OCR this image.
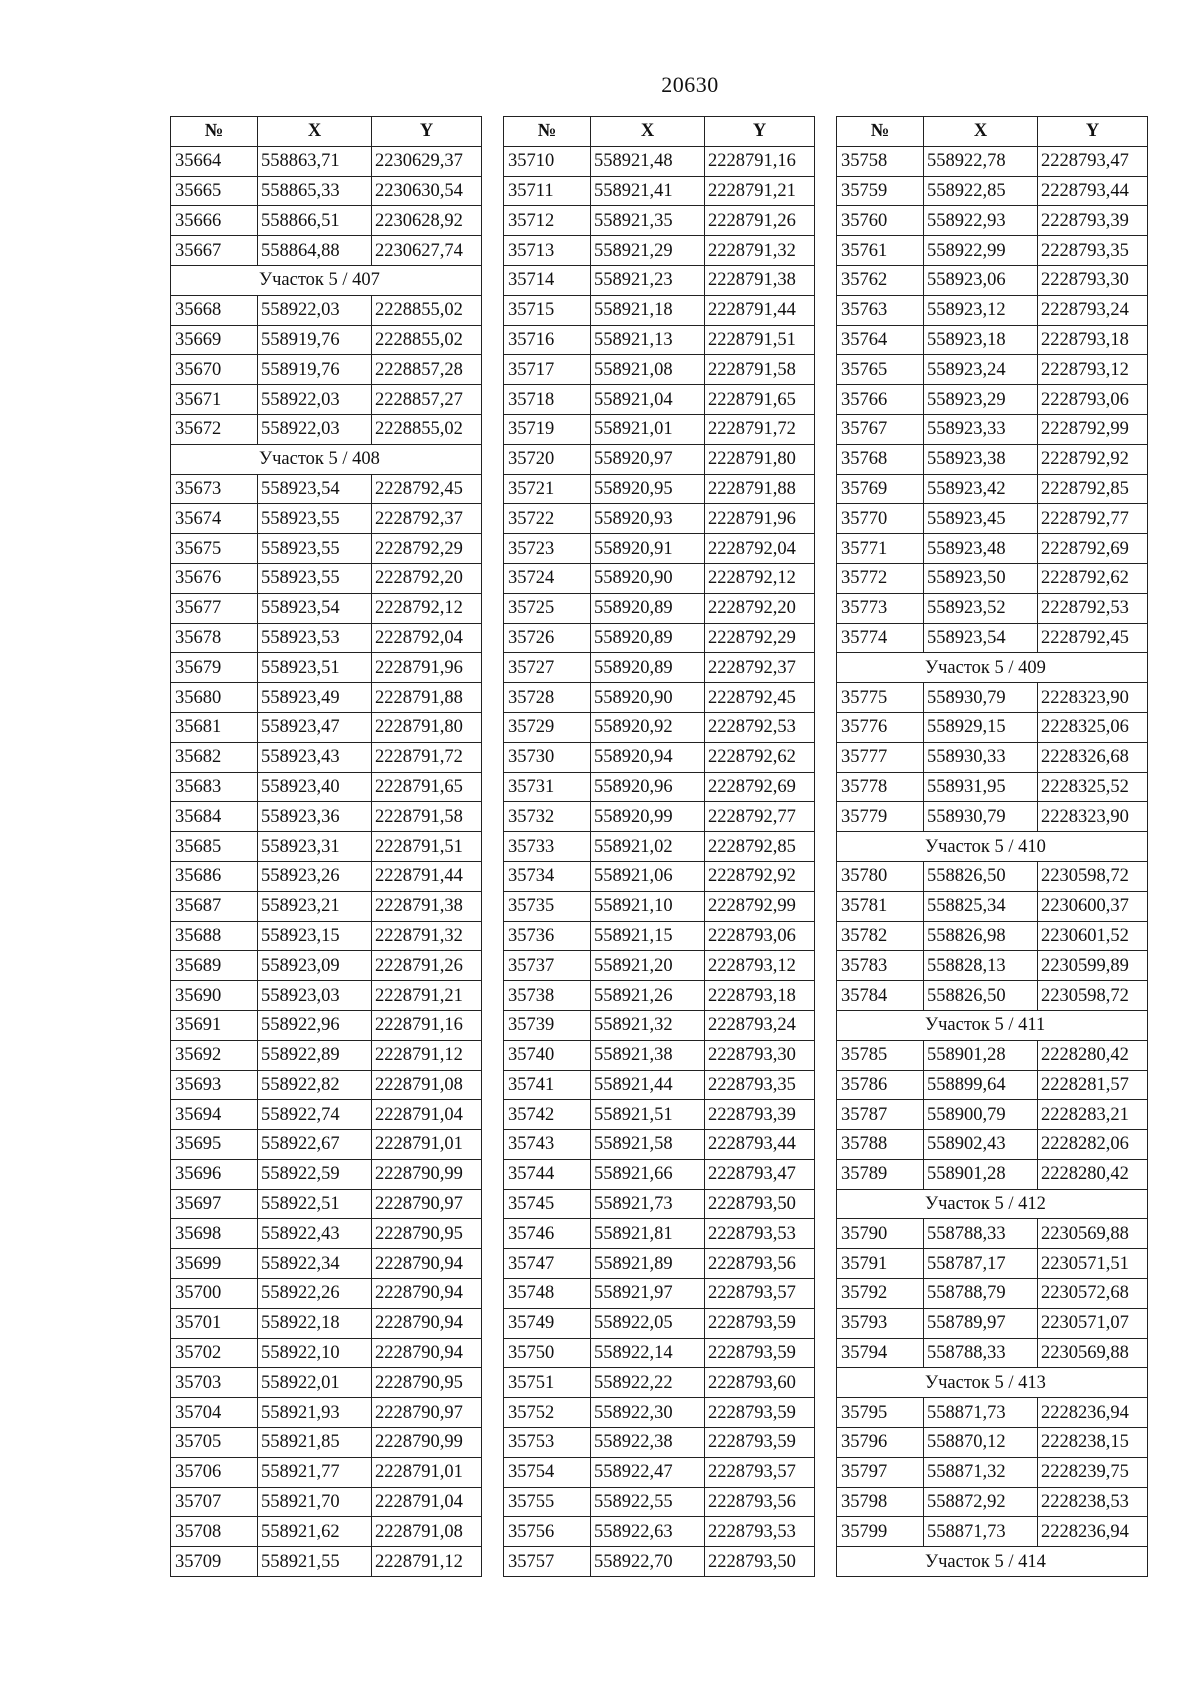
20630
№	X	Y
35664	558863,71	2230629,37
35665	558865,33	2230630,54
35666	558866,51	2230628,92
35667	558864,88	2230627,74
Участок 5 / 407		
35668	558922,03	2228855,02
35669	558919,76	2228855,02
35670	558919,76	2228857,28
35671	558922,03	2228857,27
35672	558922,03	2228855,02
Участок 5 / 408		
35673	558923,54	2228792,45
35674	558923,55	2228792,37
35675	558923,55	2228792,29
35676	558923,55	2228792,20
35677	558923,54	2228792,12
35678	558923,53	2228792,04
35679	558923,51	2228791,96
35680	558923,49	2228791,88
35681	558923,47	2228791,80
35682	558923,43	2228791,72
35683	558923,40	2228791,65
35684	558923,36	2228791,58
35685	558923,31	2228791,51
35686	558923,26	2228791,44
35687	558923,21	2228791,38
35688	558923,15	2228791,32
35689	558923,09	2228791,26
35690	558923,03	2228791,21
35691	558922,96	2228791,16
35692	558922,89	2228791,12
35693	558922,82	2228791,08
35694	558922,74	2228791,04
35695	558922,67	2228791,01
35696	558922,59	2228790,99
35697	558922,51	2228790,97
35698	558922,43	2228790,95
35699	558922,34	2228790,94
35700	558922,26	2228790,94
35701	558922,18	2228790,94
35702	558922,10	2228790,94
35703	558922,01	2228790,95
35704	558921,93	2228790,97
35705	558921,85	2228790,99
35706	558921,77	2228791,01
35707	558921,70	2228791,04
35708	558921,62	2228791,08
35709	558921,55	2228791,12
№	X	Y
35710	558921,48	2228791,16
35711	558921,41	2228791,21
35712	558921,35	2228791,26
35713	558921,29	2228791,32
35714	558921,23	2228791,38
35715	558921,18	2228791,44
35716	558921,13	2228791,51
35717	558921,08	2228791,58
35718	558921,04	2228791,65
35719	558921,01	2228791,72
35720	558920,97	2228791,80
35721	558920,95	2228791,88
35722	558920,93	2228791,96
35723	558920,91	2228792,04
35724	558920,90	2228792,12
35725	558920,89	2228792,20
35726	558920,89	2228792,29
35727	558920,89	2228792,37
35728	558920,90	2228792,45
35729	558920,92	2228792,53
35730	558920,94	2228792,62
35731	558920,96	2228792,69
35732	558920,99	2228792,77
35733	558921,02	2228792,85
35734	558921,06	2228792,92
35735	558921,10	2228792,99
35736	558921,15	2228793,06
35737	558921,20	2228793,12
35738	558921,26	2228793,18
35739	558921,32	2228793,24
35740	558921,38	2228793,30
35741	558921,44	2228793,35
35742	558921,51	2228793,39
35743	558921,58	2228793,44
35744	558921,66	2228793,47
35745	558921,73	2228793,50
35746	558921,81	2228793,53
35747	558921,89	2228793,56
35748	558921,97	2228793,57
35749	558922,05	2228793,59
35750	558922,14	2228793,59
35751	558922,22	2228793,60
35752	558922,30	2228793,59
35753	558922,38	2228793,59
35754	558922,47	2228793,57
35755	558922,55	2228793,56
35756	558922,63	2228793,53
35757	558922,70	2228793,50
№	X	Y
35758	558922,78	2228793,47
35759	558922,85	2228793,44
35760	558922,93	2228793,39
35761	558922,99	2228793,35
35762	558923,06	2228793,30
35763	558923,12	2228793,24
35764	558923,18	2228793,18
35765	558923,24	2228793,12
35766	558923,29	2228793,06
35767	558923,33	2228792,99
35768	558923,38	2228792,92
35769	558923,42	2228792,85
35770	558923,45	2228792,77
35771	558923,48	2228792,69
35772	558923,50	2228792,62
35773	558923,52	2228792,53
35774	558923,54	2228792,45
Участок 5 / 409		
35775	558930,79	2228323,90
35776	558929,15	2228325,06
35777	558930,33	2228326,68
35778	558931,95	2228325,52
35779	558930,79	2228323,90
Участок 5 / 410		
35780	558826,50	2230598,72
35781	558825,34	2230600,37
35782	558826,98	2230601,52
35783	558828,13	2230599,89
35784	558826,50	2230598,72
Участок 5 / 411		
35785	558901,28	2228280,42
35786	558899,64	2228281,57
35787	558900,79	2228283,21
35788	558902,43	2228282,06
35789	558901,28	2228280,42
Участок 5 / 412		
35790	558788,33	2230569,88
35791	558787,17	2230571,51
35792	558788,79	2230572,68
35793	558789,97	2230571,07
35794	558788,33	2230569,88
Участок 5 / 413		
35795	558871,73	2228236,94
35796	558870,12	2228238,15
35797	558871,32	2228239,75
35798	558872,92	2228238,53
35799	558871,73	2228236,94
Участок 5 / 414		
